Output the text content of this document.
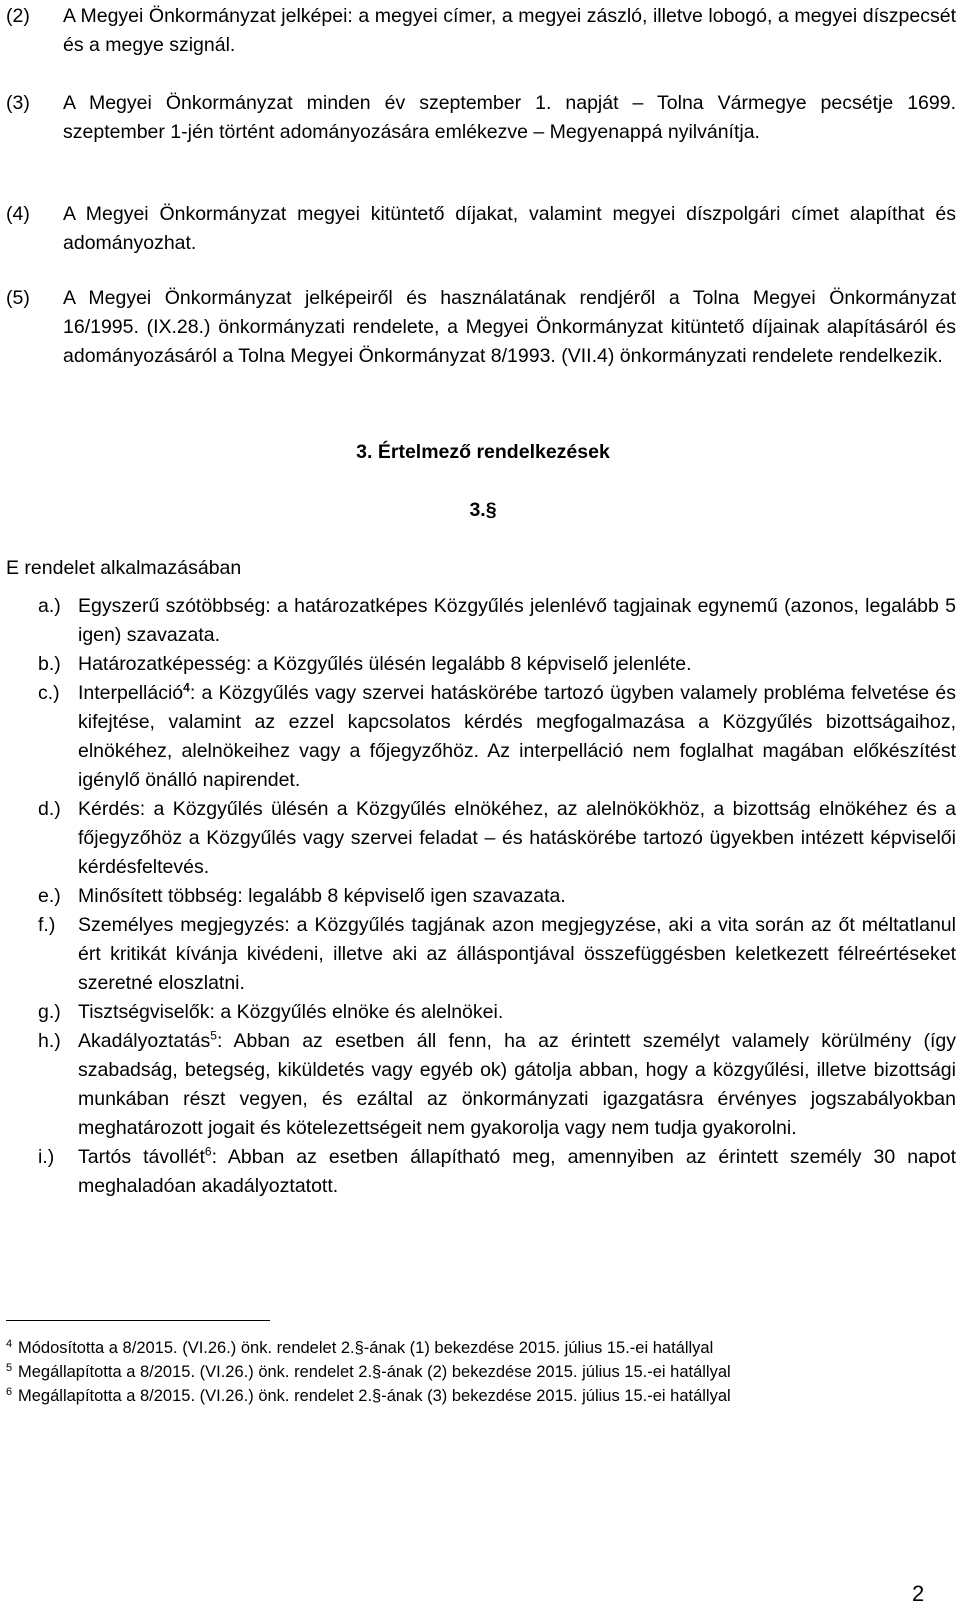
(2)	A Megyei Önkormányzat jelképei: a megyei címer, a megyei zászló, illetve lobogó, a megyei díszpecsét és a megye szignál.
(3)	A Megyei Önkormányzat minden év szeptember 1. napját – Tolna Vármegye pecsétje 1699. szeptember 1-jén történt adományozására emlékezve – Megyenappá nyilvánítja.
(4)	A Megyei Önkormányzat megyei kitüntető díjakat, valamint megyei díszpolgári címet alapíthat és adományozhat.
(5)	A Megyei Önkormányzat jelképeiről és használatának rendjéről a Tolna Megyei Önkormányzat 16/1995. (IX.28.) önkormányzati rendelete, a Megyei Önkormányzat kitüntető díjainak alapításáról és adományozásáról a Tolna Megyei Önkormányzat 8/1993. (VII.4) önkormányzati rendelete rendelkezik.
3. Értelmező rendelkezések
3.§
E rendelet alkalmazásában
a.) Egyszerű szótöbbség: a határozatképes Közgyűlés jelenlévő tagjainak egynemű (azonos, legalább 5 igen) szavazata.
b.) Határozatképesség: a Közgyűlés ülésén legalább 8 képviselő jelenléte.
c.) Interpelláció$^4$: a Közgyűlés vagy szervei hatáskörébe tartozó ügyben valamely probléma felvetése és kifejtése, valamint az ezzel kapcsolatos kérdés megfogalmazása a Közgyűlés bizottságaihoz, elnökéhez, alelnökeihez vagy a főjegyzőhöz. Az interpelláció nem foglalhat magában előkészítést igénylő önálló napirendet.
d.) Kérdés: a Közgyűlés ülésén a Közgyűlés elnökéhez, az alelnökökhöz, a bizottság elnökéhez és a főjegyzőhöz a Közgyűlés vagy szervei feladat – és hatáskörébe tartozó ügyekben intézett képviselői kérdésfeltevés.
e.) Minősített többség: legalább 8 képviselő igen szavazata.
f.)	Személyes megjegyzés: a Közgyűlés tagjának azon megjegyzése, aki a vita során az őt méltatlanul ért kritikát kívánja kivédeni, illetve aki az álláspontjával összefüggésben keletkezett félreértéseket szeretné eloszlatni.
g.) Tisztségviselők: a Közgyűlés elnöke és alelnökei.
h.) Akadályoztatás$^5$: Abban az esetben áll fenn, ha az érintett személyt valamely körülmény (így szabadság, betegség, kiküldetés vagy egyéb ok) gátolja abban, hogy a közgyűlési, illetve bizottsági munkában részt vegyen, és ezáltal az önkormányzati igazgatásra érvényes jogszabályokban meghatározott jogait és kötelezettségeit nem gyakorolja vagy nem tudja gyakorolni.
i.)	Tartós távollét$^6$: Abban az esetben állapítható meg, amennyiben az érintett személy 30 napot meghaladóan akadályoztatott.
$^4$ Módosította a 8/2015. (VI.26.) önk. rendelet 2.§-ának (1) bekezdése 2015. július 15.-ei hatállyal
$^5$ Megállapította a 8/2015. (VI.26.) önk. rendelet 2.§-ának (2) bekezdése 2015. július 15.-ei hatállyal
$^6$ Megállapította a 8/2015. (VI.26.) önk. rendelet 2.§-ának (3) bekezdése 2015. július 15.-ei hatállyal
2
